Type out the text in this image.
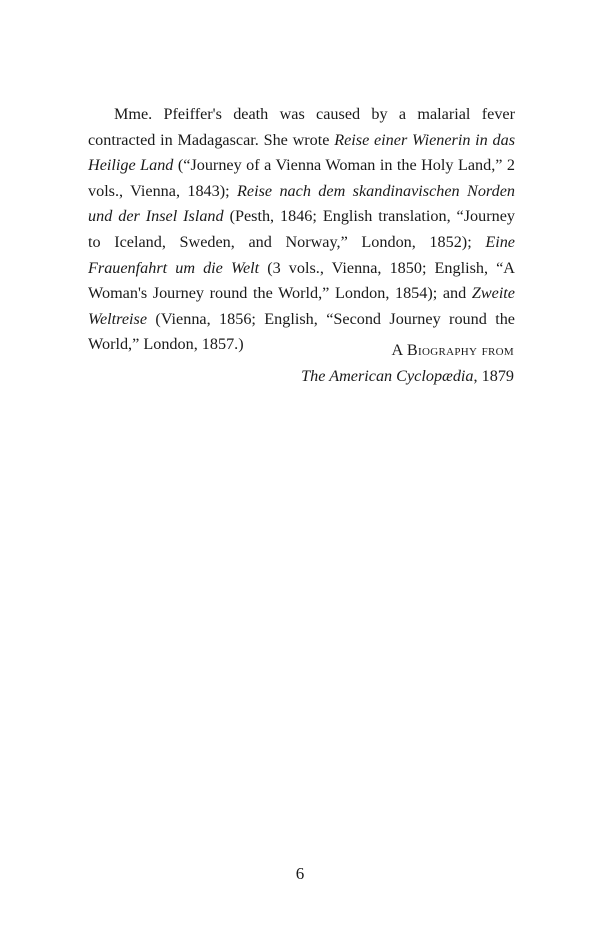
Mme. Pfeiffer's death was caused by a malarial fever contracted in Madagascar. She wrote Reise einer Wienerin in das Heilige Land (“Journey of a Vienna Woman in the Holy Land,” 2 vols., Vienna, 1843); Reise nach dem skandinavischen Norden und der Insel Island (Pesth, 1846; English translation, “Journey to Iceland, Sweden, and Norway,” London, 1852); Eine Frauenfahrt um die Welt (3 vols., Vienna, 1850; English, “A Woman's Journey round the World,” London, 1854); and Zweite Weltreise (Vienna, 1856; English, “Second Journey round the World,” London, 1857.)	A Biography from
The American Cyclopædia, 1879
6
